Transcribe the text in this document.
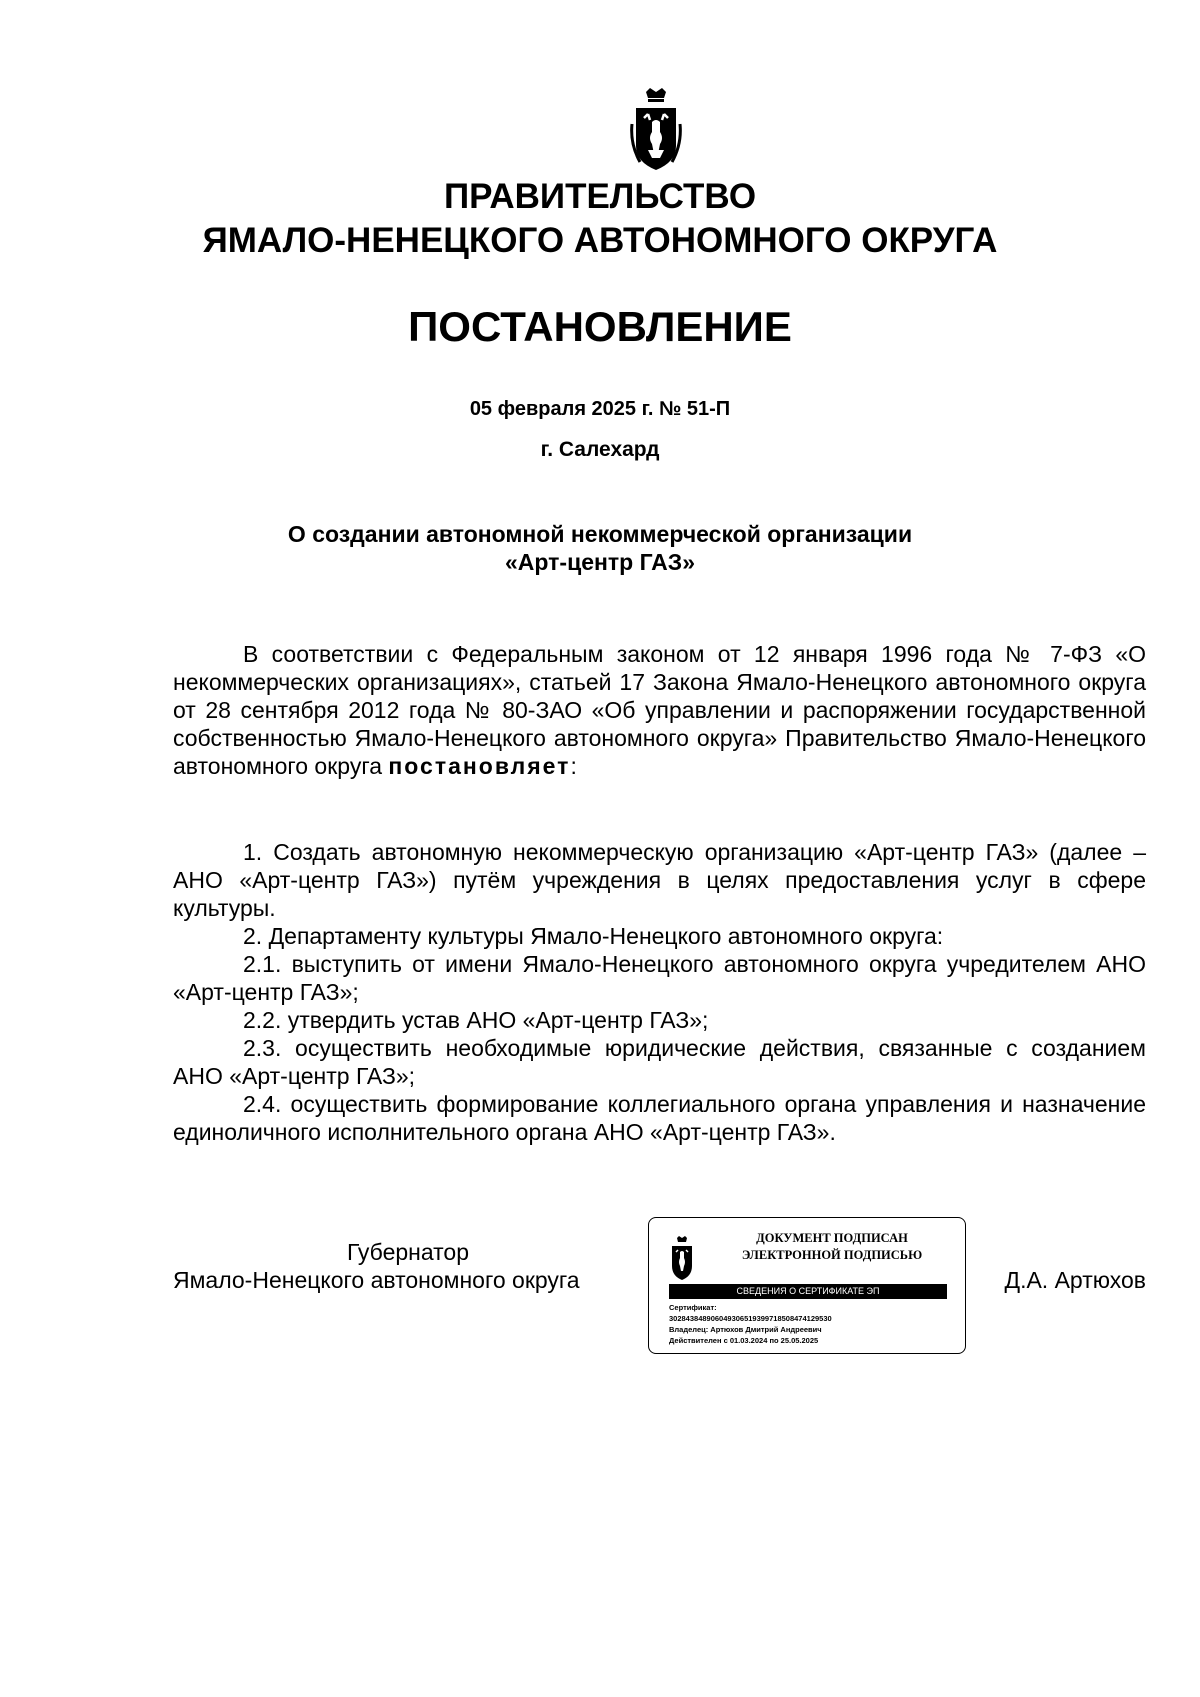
ПРАВИТЕЛЬСТВО
ЯМАЛО-НЕНЕЦКОГО АВТОНОМНОГО ОКРУГА
ПОСТАНОВЛЕНИЕ
05 февраля 2025 г. № 51-П
г. Салехард
О создании автономной некоммерческой организации
«Арт-центр ГАЗ»

В соответствии с Федеральным законом от 12 января 1996 года № 7-ФЗ «О некоммерческих организациях», статьей 17 Закона Ямало-Ненецкого автономного округа от 28 сентября 2012 года № 80-ЗАО «Об управлении и распоряжении государственной собственностью Ямало-Ненецкого автономного округа» Правительство Ямало-Ненецкого автономного округа постановляет:

1. Создать автономную некоммерческую организацию «Арт-центр ГАЗ» (далее – АНО «Арт-центр ГАЗ») путём учреждения в целях предоставления услуг в сфере культуры.

2. Департаменту культуры Ямало-Ненецкого автономного округа:

2.1. выступить от имени Ямало-Ненецкого автономного округа учредителем АНО «Арт-центр ГАЗ»;

2.2. утвердить устав АНО «Арт-центр ГАЗ»;

2.3. осуществить необходимые юридические действия, связанные с созданием АНО «Арт-центр ГАЗ»;

2.4. осуществить формирование коллегиального органа управления и назначение единоличного исполнительного органа АНО «Арт-центр ГАЗ».

Губернатор
Ямало-Ненецкого автономного округа
ДОКУМЕНТ ПОДПИСАН
ЭЛЕКТРОННОЙ ПОДПИСЬЮ
СВЕДЕНИЯ О СЕРТИФИКАТЕ ЭП
Сертификат:
302843848906049306519399718508474129530
Владелец: Артюхов Дмитрий Андреевич
Действителен с 01.03.2024 по 25.05.2025
Д.А. Артюхов
